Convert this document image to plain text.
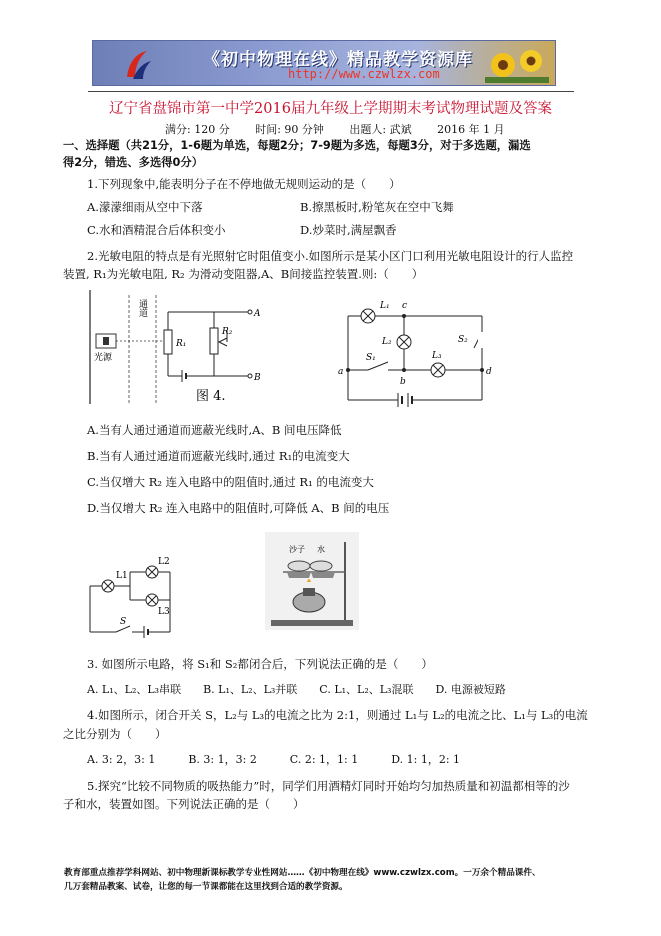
《初中物理在线》精品教学资源库
http://www.czwlzx.com
辽宁省盘锦市第一中学2016届九年级上学期期末考试物理试题及答案
满分: 120 分 时间: 90 分钟 出题人: 武斌 2016 年 1 月
一、选择题（共21分，1-6题为单选，每题2分；7-9题为多选，每题3分，对于多选题，漏选
得2分，错选、多选得0分）
1.下列现象中,能表明分子在不停地做无规则运动的是（　　）
A.濛濛细雨从空中下落	B.擦黑板时,粉笔灰在空中飞舞
C.水和酒精混合后体积变小	D.炒菜时,满屋飘香
2.光敏电阻的特点是有光照射它时阻值变小.如图所示是某小区门口利用光敏电阻设计的行人监控
装置, R₁为光敏电阻, R₂ 为滑动变阻器,A、B间接监控装置.则:（　　）
通道
光源
R₁
R₂
A
B
图 4.
L₁ c
L₂
S₁
a
b
L₃
S₂
d
A.当有人通过通道而遮蔽光线时,A、B 间电压降低
B.当有人通过通道而遮蔽光线时,通过 R₁的电流变大
C.当仅增大 R₂ 连入电路中的阻值时,通过 R₁ 的电流变大
D.当仅增大 R₂ 连入电路中的阻值时,可降低 A、B 间的电压
L1
L2
L3
S
沙子 水
3. 如图所示电路，将 S₁和 S₂都闭合后，下列说法正确的是（　　）
A. L₁、L₂、L₃串联　　B. L₁、L₂、L₃并联　　C. L₁、L₂、L₃混联　　D. 电源被短路
4.如图所示，闭合开关 S，L₂与 L₃的电流之比为 2:1，则通过 L₁与 L₂的电流之比、L₁与 L₃的电流
之比分别为（　　）
A. 3: 2，3: 1　　　B. 3: 1，3: 2　　　C. 2: 1，1: 1　　　D. 1: 1，2: 1
5.探究“比较不同物质的吸热能力”时，同学们用酒精灯同时开始均匀加热质量和初温都相等的沙
子和水，装置如图。下列说法正确的是（　　）
教育部重点推荐学科网站、初中物理新课标教学专业性网站……《初中物理在线》www.czwlzx.com。一万余个精品课件、
几万套精品教案、试卷，让您的每一节课都能在这里找到合适的教学资源。
